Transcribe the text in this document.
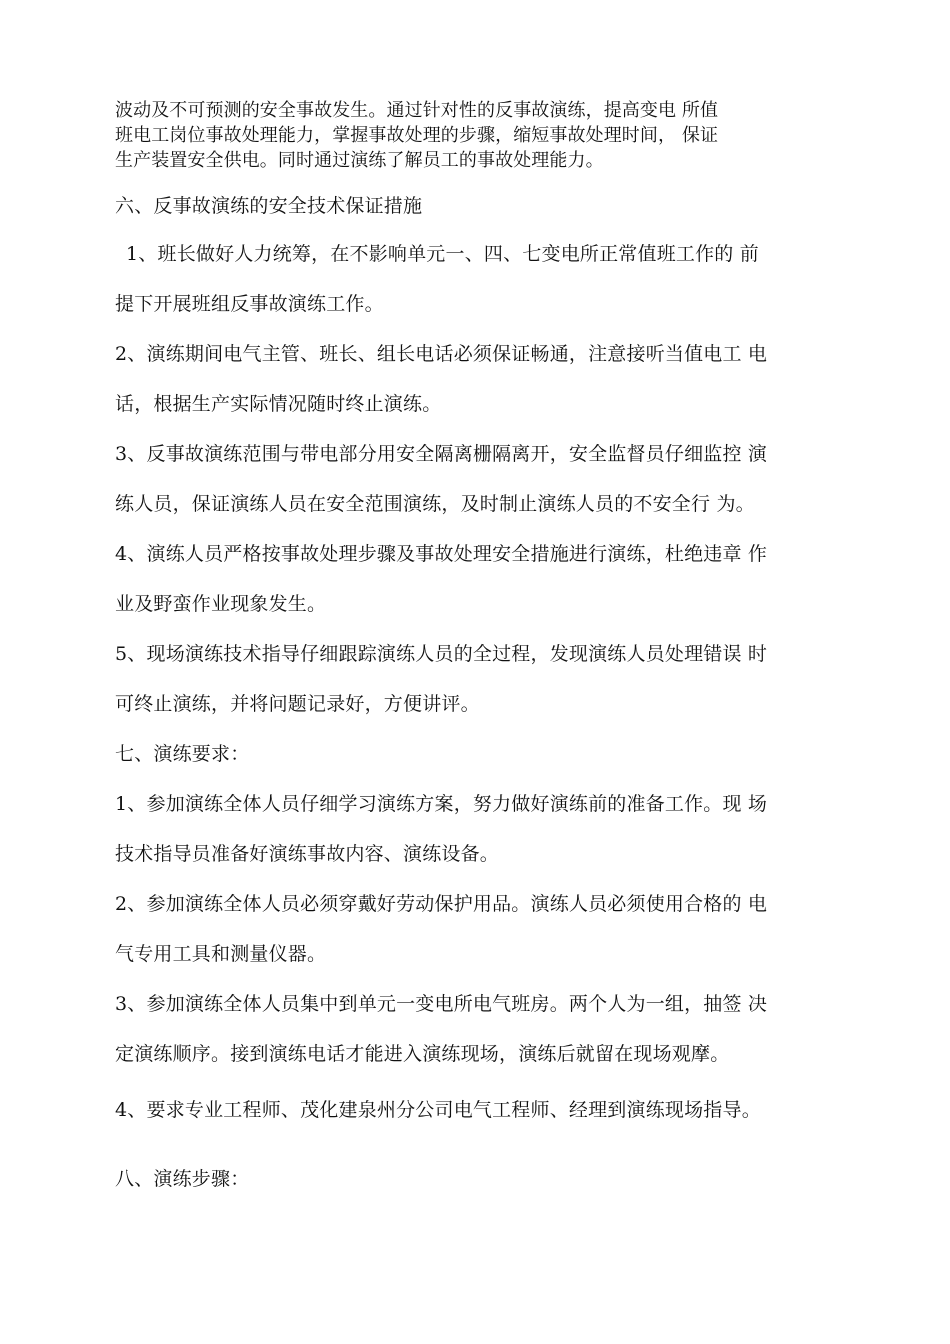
波动及不可预测的安全事故发生。通过针对性的反事故演练，提高变电 所值
班电工岗位事故处理能力，掌握事故处理的步骤，缩短事故处理时间， 保证
生产装置安全供电。同时通过演练了解员工的事故处理能力。
六、反事故演练的安全技术保证措施
1、班长做好人力统筹，在不影响单元一、四、七变电所正常值班工作的 前
提下开展班组反事故演练工作。
2、演练期间电气主管、班长、组长电话必须保证畅通，注意接听当值电工 电
话，根据生产实际情况随时终止演练。
3、反事故演练范围与带电部分用安全隔离栅隔离开，安全监督员仔细监控 演
练人员，保证演练人员在安全范围演练，及时制止演练人员的不安全行 为。
4、演练人员严格按事故处理步骤及事故处理安全措施进行演练，杜绝违章 作
业及野蛮作业现象发生。
5、现场演练技术指导仔细跟踪演练人员的全过程，发现演练人员处理错误 时
可终止演练，并将问题记录好，方便讲评。
七、演练要求：
1、参加演练全体人员仔细学习演练方案，努力做好演练前的准备工作。现 场
技术指导员准备好演练事故内容、演练设备。
2、参加演练全体人员必须穿戴好劳动保护用品。演练人员必须使用合格的 电
气专用工具和测量仪器。
3、参加演练全体人员集中到单元一变电所电气班房。两个人为一组，抽签 决
定演练顺序。接到演练电话才能进入演练现场，演练后就留在现场观摩。
4、要求专业工程师、茂化建泉州分公司电气工程师、经理到演练现场指导。
八、演练步骤：
